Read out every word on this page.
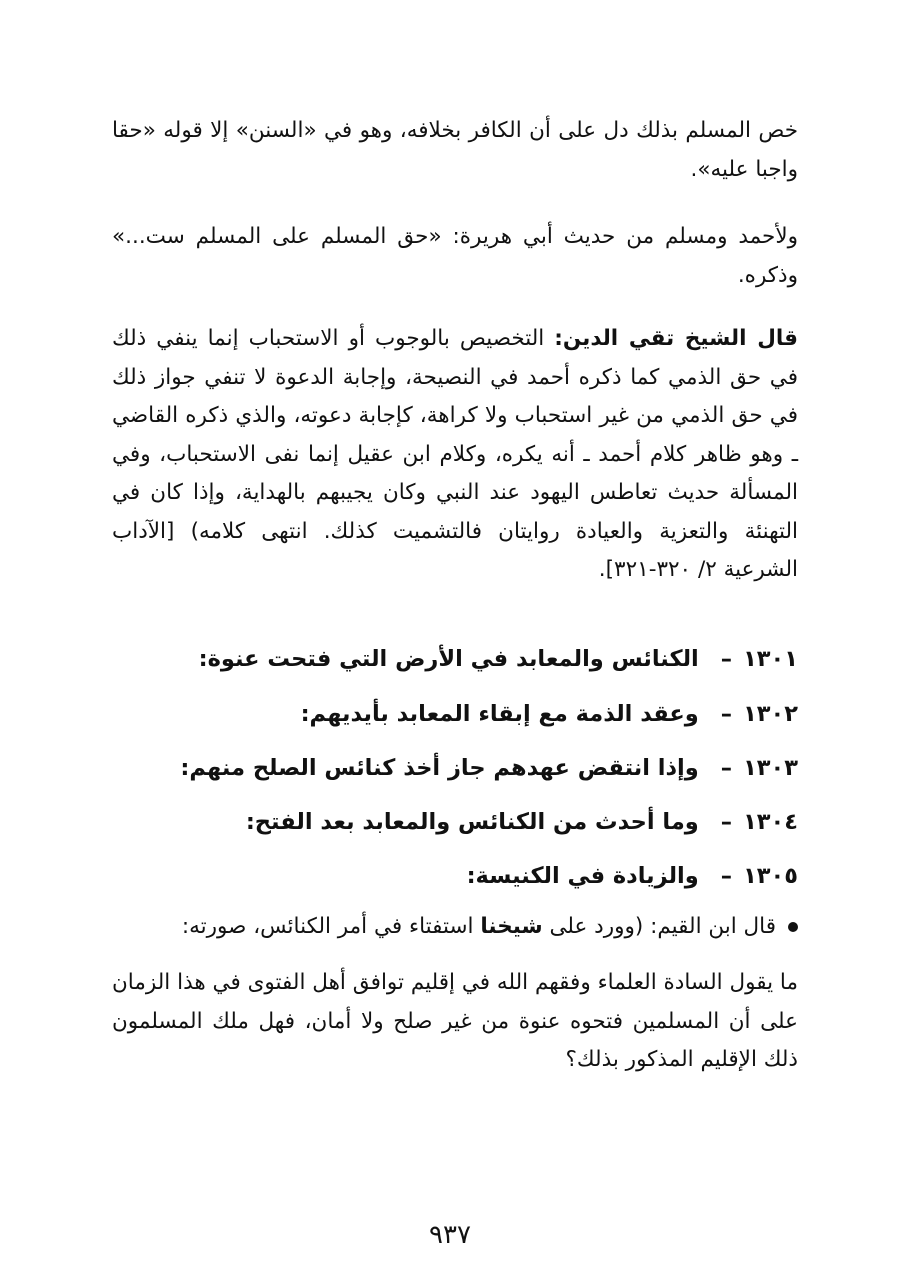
خص المسلم بذلك دل على أن الكافر بخلافه، وهو في «السنن» إلا قوله «حقا واجبا عليه».

ولأحمد ومسلم من حديث أبي هريرة: «حق المسلم على المسلم ست...» وذكره.

قال الشيخ تقي الدين: التخصيص بالوجوب أو الاستحباب إنما ينفي ذلك في حق الذمي كما ذكره أحمد في النصيحة، وإجابة الدعوة لا تنفي جواز ذلك في حق الذمي من غير استحباب ولا كراهة، كإجابة دعوته، والذي ذكره القاضي ـ وهو ظاهر كلام أحمد ـ أنه يكره، وكلام ابن عقيل إنما نفى الاستحباب، وفي المسألة حديث تعاطس اليهود عند النبي وكان يجيبهم بالهداية، وإذا كان في التهنئة والتعزية والعيادة روايتان فالتشميت كذلك. انتهى كلامه) [الآداب الشرعية ٢/ ٣٢٠-٣٢١].

١٣٠١–الكنائس والمعابد في الأرض التي فتحت عنوة:
١٣٠٢–وعقد الذمة مع إبقاء المعابد بأيديهم:
١٣٠٣–وإذا انتقض عهدهم جاز أخذ كنائس الصلح منهم:
١٣٠٤–وما أحدث من الكنائس والمعابد بعد الفتح:
١٣٠٥–والزيادة في الكنيسة:
قال ابن القيم: (وورد على شيخنا استفتاء في أمر الكنائس، صورته:

ما يقول السادة العلماء وفقهم الله في إقليم توافق أهل الفتوى في هذا الزمان على أن المسلمين فتحوه عنوة من غير صلح ولا أمان، فهل ملك المسلمون ذلك الإقليم المذكور بذلك؟

٩٣٧
